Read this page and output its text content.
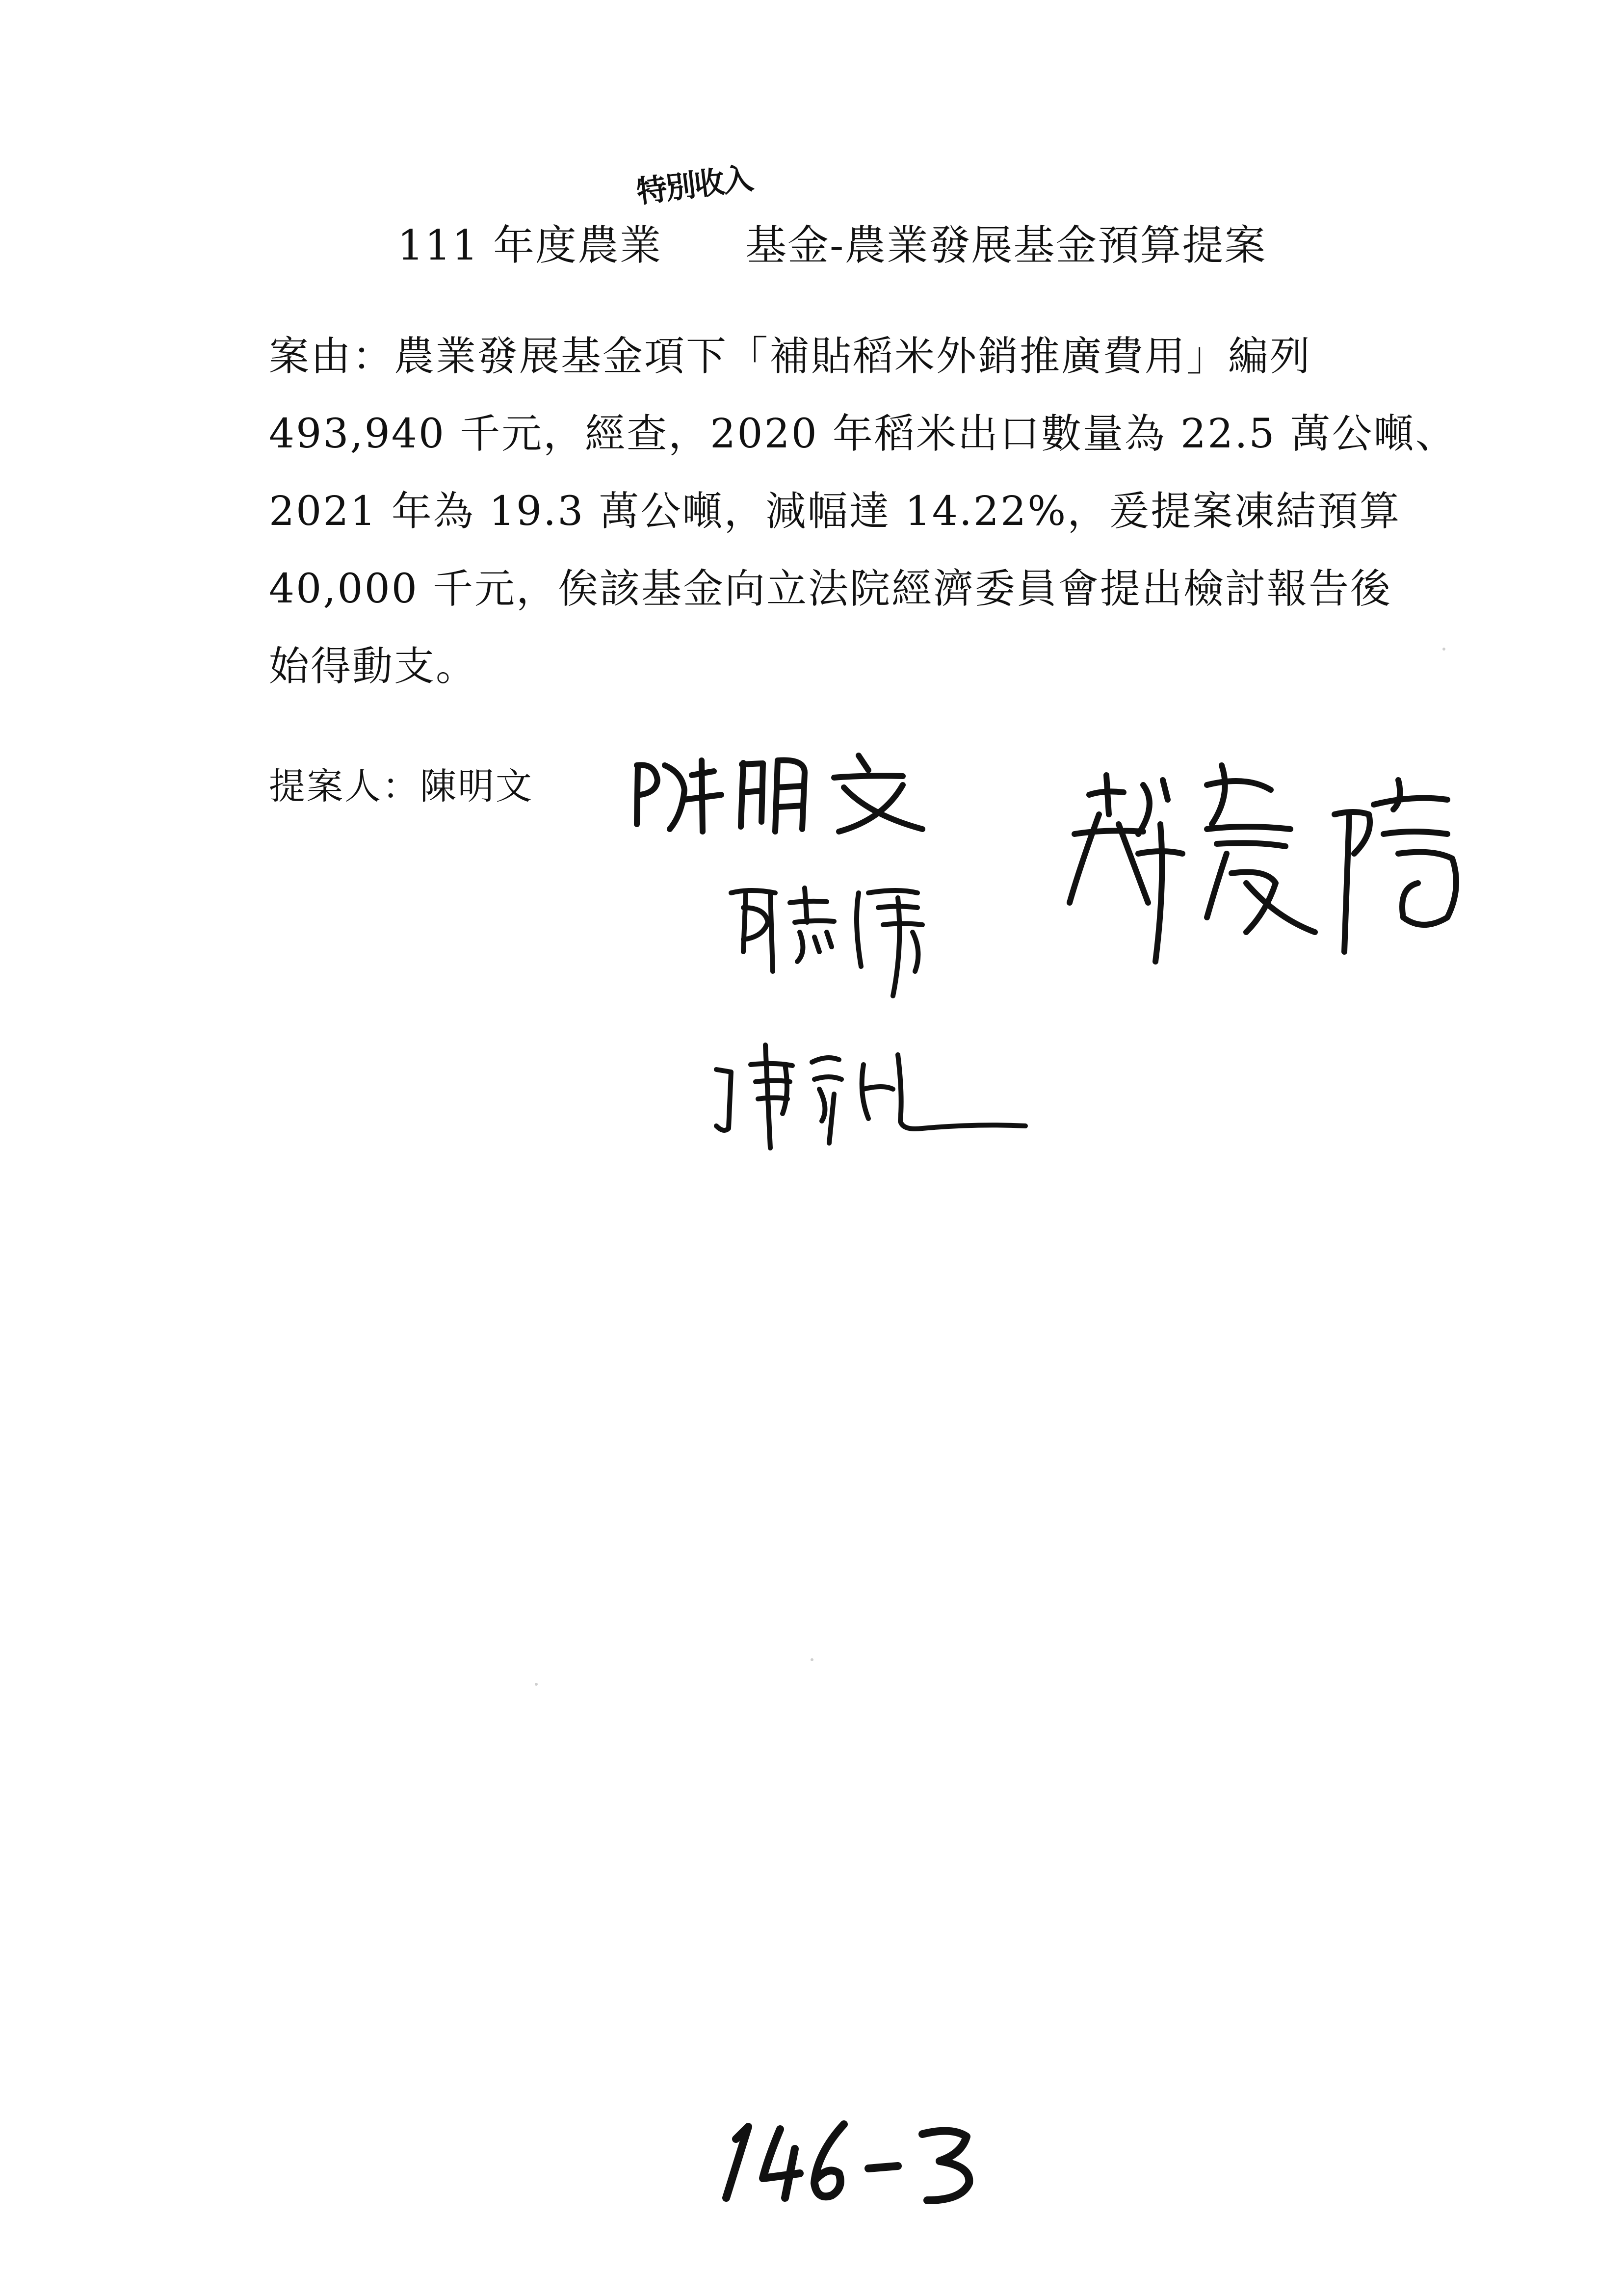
111 年度農業 基金-農業發展基金預算提案
特別收入
案由：農業發展基金項下「補貼稻米外銷推廣費用」編列
493,940 千元，經查，2020 年稻米出口數量為 22.5 萬公噸、
2021 年為 19.3 萬公噸，減幅達 14.22%，爰提案凍結預算
40,000 千元，俟該基金向立法院經濟委員會提出檢討報告後
始得動支。
提案人：陳明文
